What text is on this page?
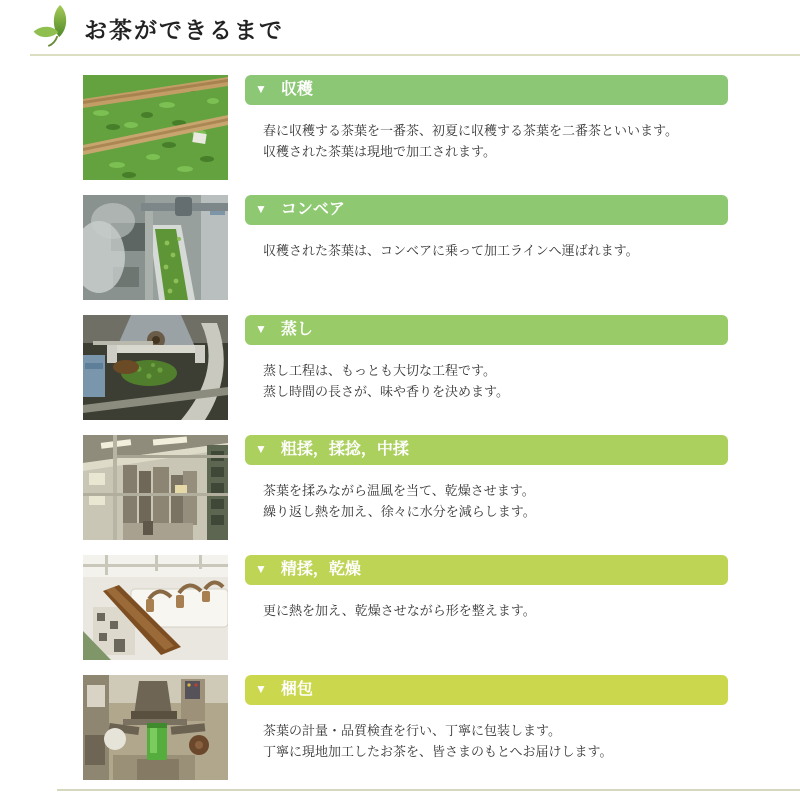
お茶ができるまで
▼ 収穫
春に収穫する茶葉を一番茶、初夏に収穫する茶葉を二番茶といいます。
収穫された茶葉は現地で加工されます。
▼ コンベア
収穫された茶葉は、コンベアに乗って加工ラインへ運ばれます。
▼ 蒸し
蒸し工程は、もっとも大切な工程です。
蒸し時間の長さが、味や香りを決めます。
▼ 粗揉，揉捻，中揉
茶葉を揉みながら温風を当て、乾燥させます。
繰り返し熱を加え、徐々に水分を減らします。
▼ 精揉，乾燥
更に熱を加え、乾燥させながら形を整えます。
▼ 梱包
茶葉の計量・品質検査を行い、丁寧に包装します。
丁寧に現地加工したお茶を、皆さまのもとへお届けします。
